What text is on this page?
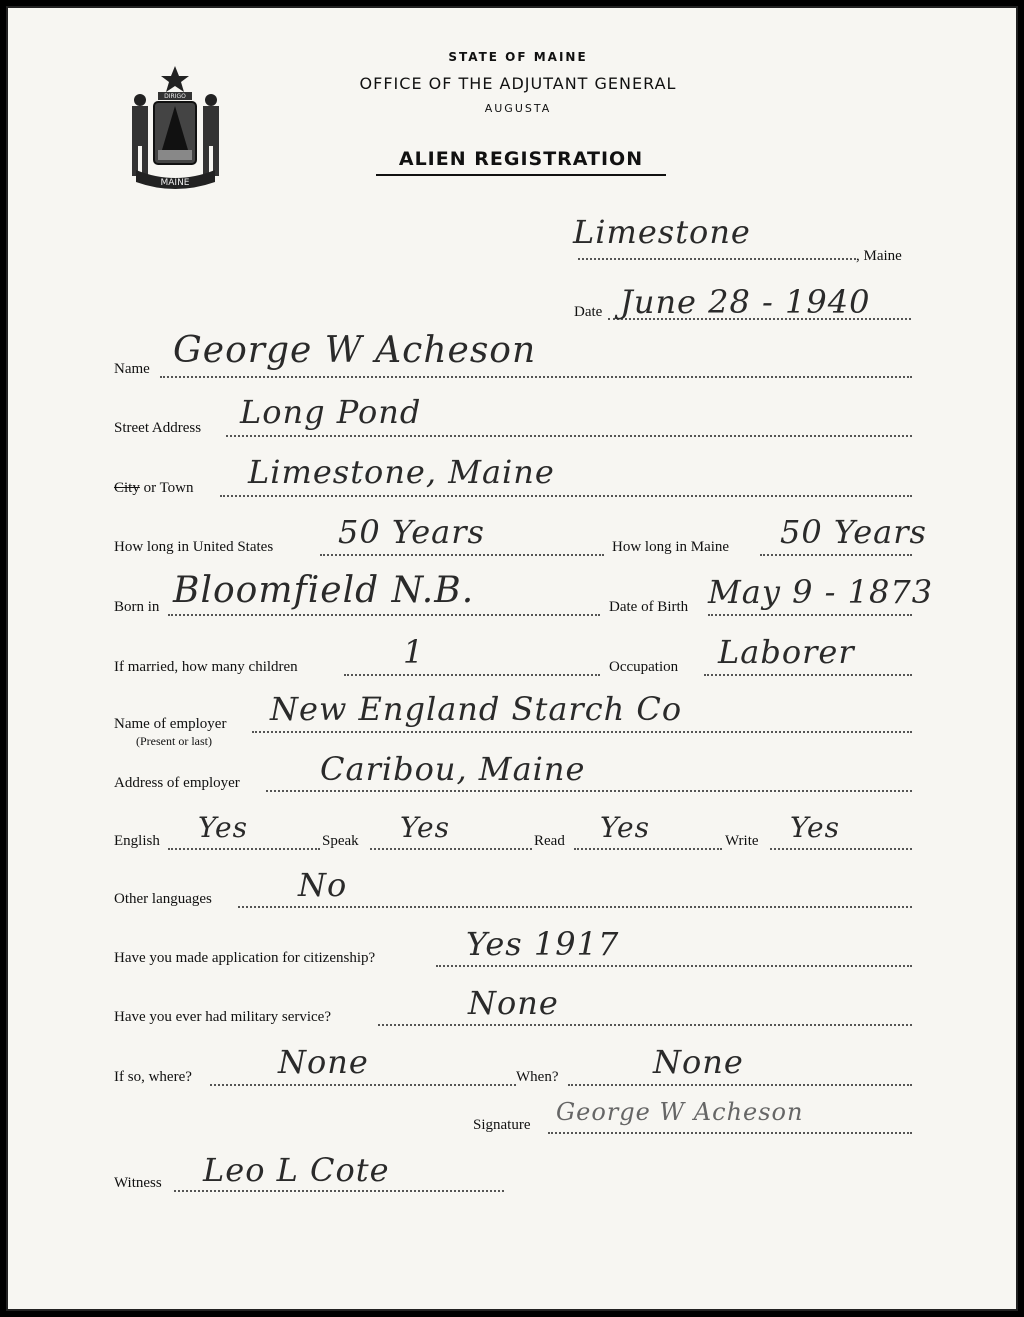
MAINE
DIRIGO
STATE OF MAINE
OFFICE OF THE ADJUTANT GENERAL
AUGUSTA
ALIEN REGISTRATION
Limestone
, Maine
Date June 28 - 1940
Name George W Acheson
Street Address Long Pond
City or Town Limestone, Maine
How long in United States 50 Years	How long in Maine 50 Years
Born in Bloomfield N.B.	Date of Birth May 9 - 1873
If married, how many children	1	Occupation Laborer
Name of employer
(Present or last)
New England Starch Co
Address of employer	Caribou, Maine
English Yes	Speak Yes	Read Yes	Write Yes
Other languages	No
Have you made application for citizenship?	Yes 1917
Have you ever had military service?	None
If so, where?	None	When?	None
Signature George W Acheson
Witness Leo L Cote
